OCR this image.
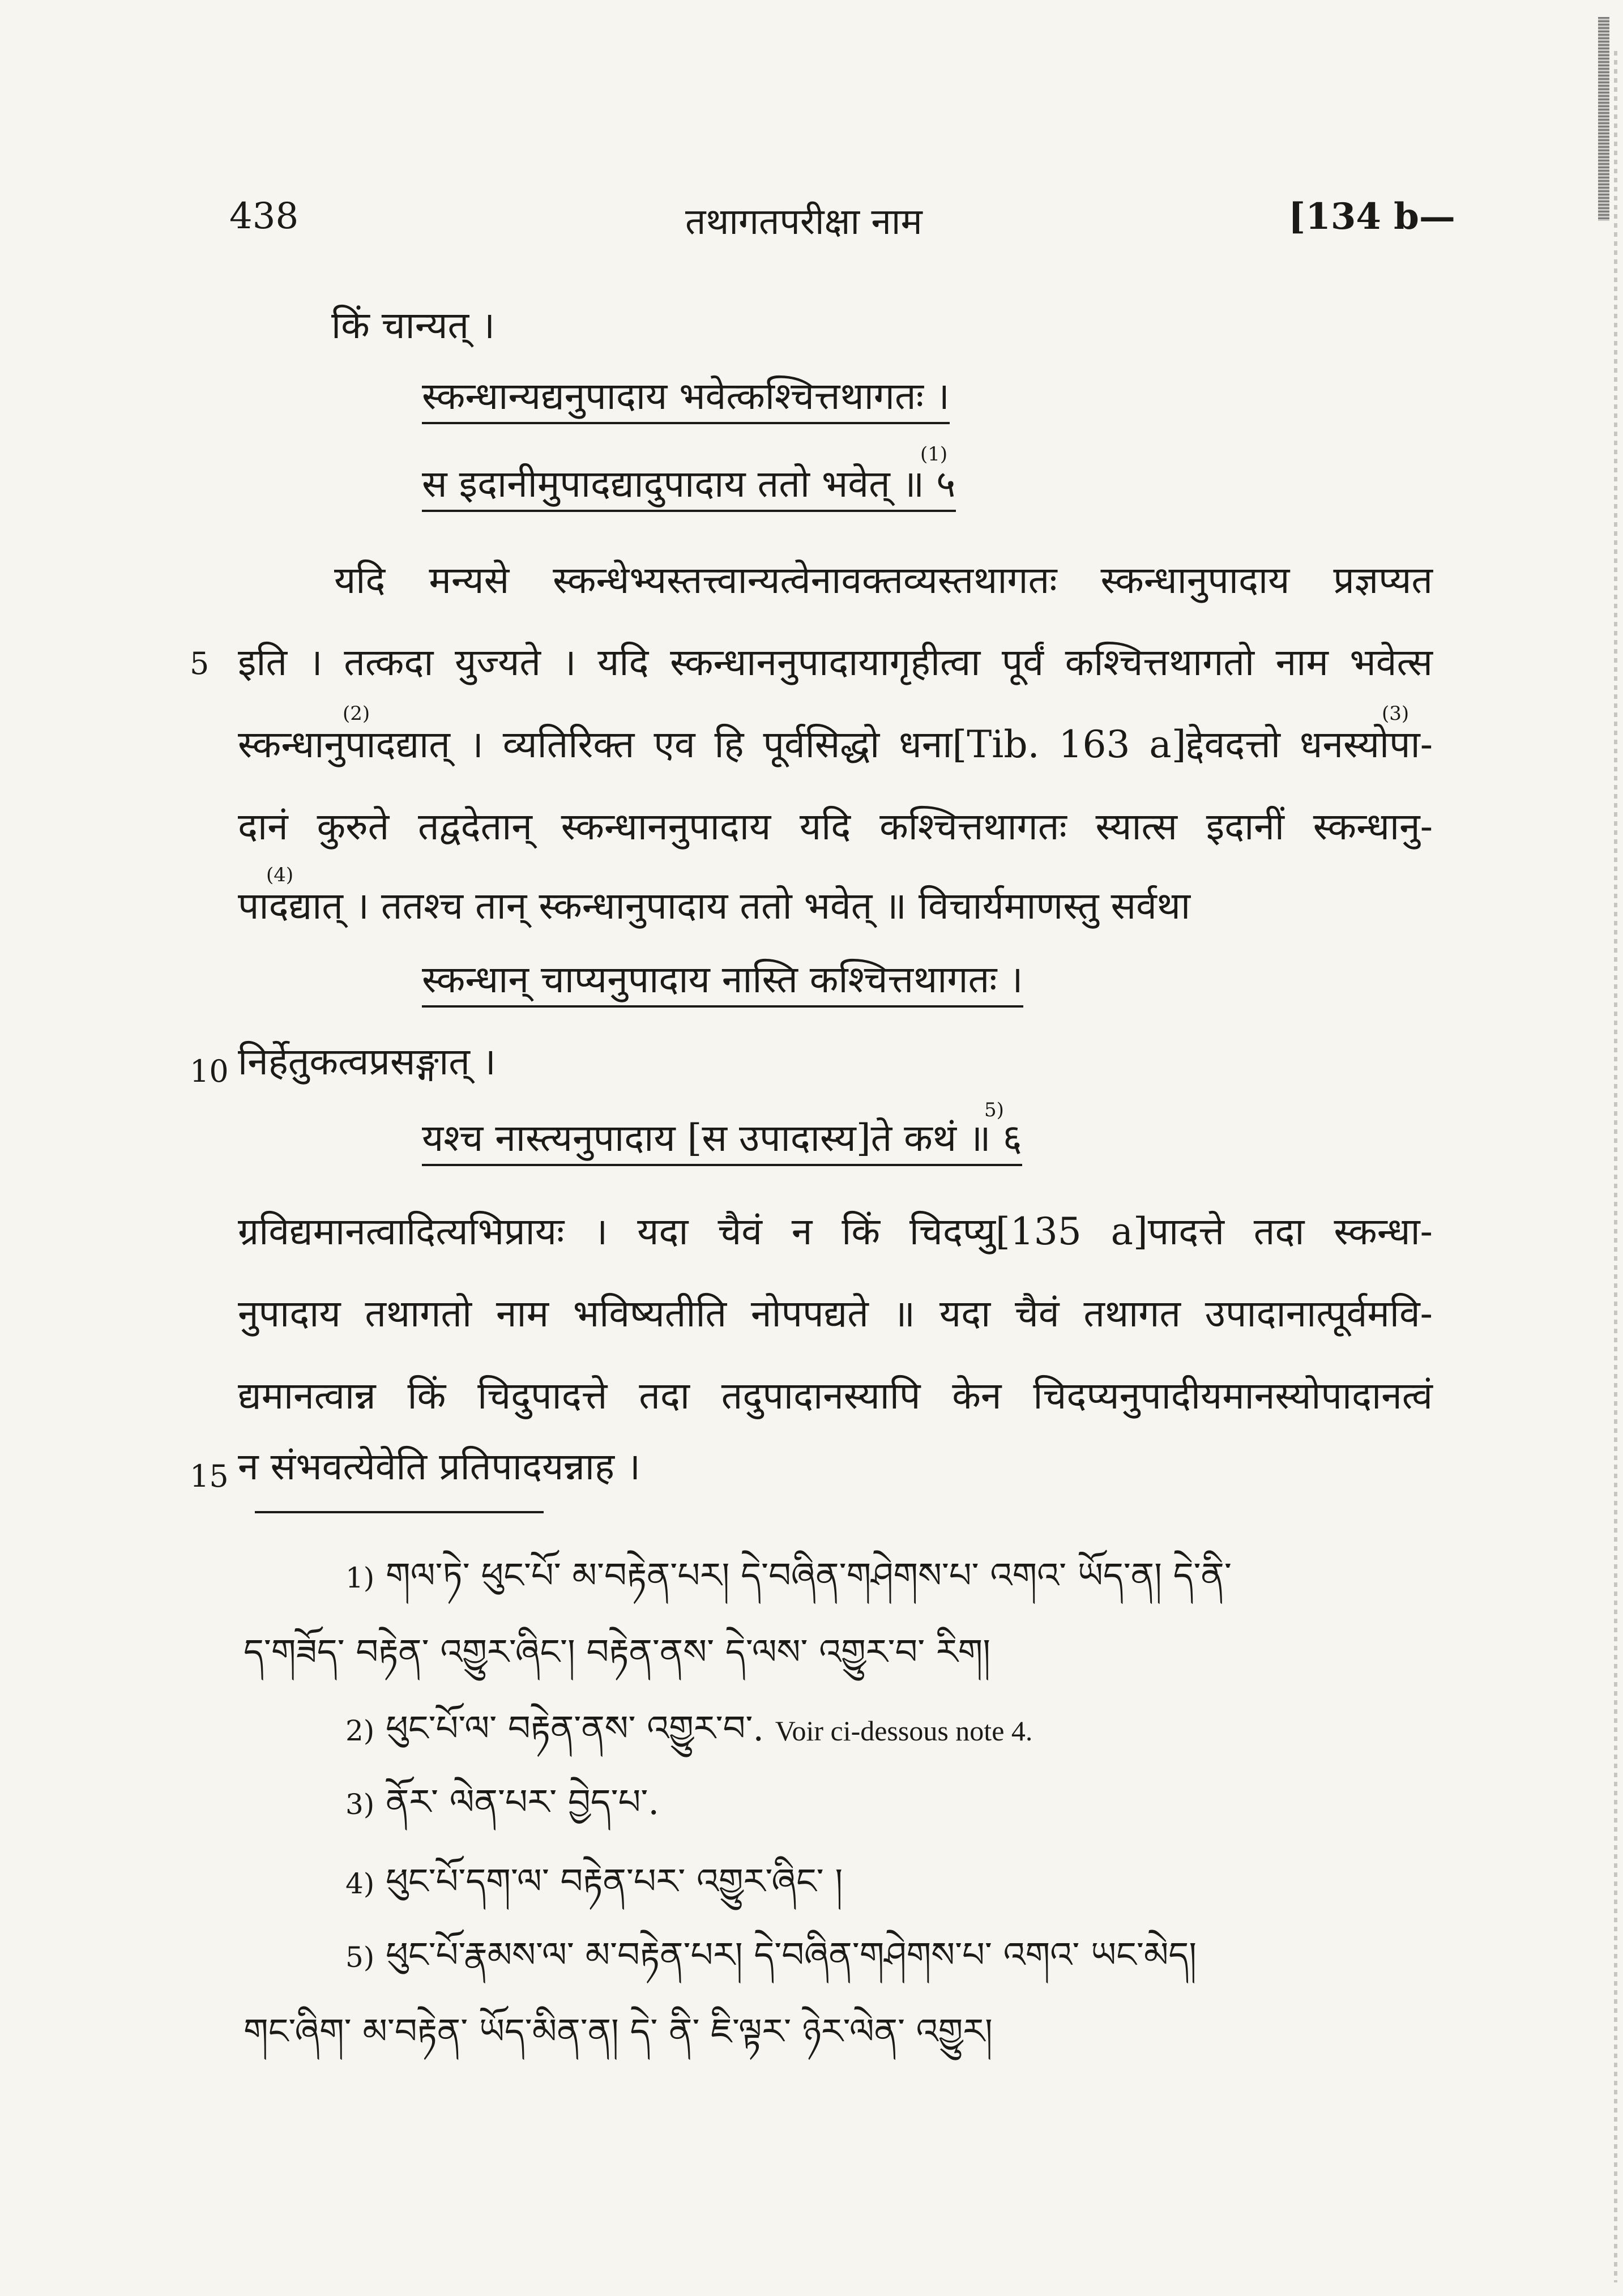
438	तथागतपरीक्षा नाम	[134 b—
किं चान्यत् ।
स्कन्धान्यद्यनुपादाय भवेत्कश्चित्तथागतः ।
स इदानीमुपादद्यादुपादाय ततो भवेत् ॥ ५
(1)
यदि मन्यसे स्कन्धेभ्यस्तत्त्वान्यत्वेनावक्तव्यस्तथागतः स्कन्धानुपादाय प्रज्ञप्यत
5 इति । तत्कदा युज्यते । यदि स्कन्धाननुपादायागृहीत्वा पूर्वं कश्चित्तथागतो नाम भवेत्स
(2)	(3)
स्कन्धानुपादद्यात् । व्यतिरिक्त एव हि पूर्वसिद्धो धना[Tib. 163 a]द्देवदत्तो धनस्योपा-
दानं कुरुते तद्वदेतान् स्कन्धाननुपादाय यदि कश्चित्तथागतः स्यात्स इदानीं स्कन्धानु-
(4)
पादद्यात् । ततश्च तान् स्कन्धानुपादाय ततो भवेत् ॥ विचार्यमाणस्तु सर्वथा
स्कन्धान् चाप्यनुपादाय नास्ति कश्चित्तथागतः ।
10 निर्हेतुकत्वप्रसङ्गात् ।
यश्च नास्त्यनुपादाय [स उपादास्य]ते कथं ॥ ६
5)
ग्रविद्यमानत्वादित्यभिप्रायः । यदा चैवं न किं चिदप्यु[135 a]पादत्ते तदा स्कन्धा-
नुपादाय तथागतो नाम भविष्यतीति नोपपद्यते ॥ यदा चैवं तथागत उपादानात्पूर्वमवि-
द्यमानत्वान्न किं चिदुपादत्ते तदा तदुपादानस्यापि केन चिदप्यनुपादीयमानस्योपादानत्वं
15 न संभवत्येवेति प्रतिपादयन्नाह ।
1) གལ་ཏེ་ ཕུང་པོ་ མ་བརྟེན་པར། དེ་བཞིན་གཤེགས་པ་ འགའ་ ཡོད་ན། དེ་ནི་
ད་གཟོད་ བརྟེན་ འགྱུར་ཞིང་། བརྟེན་ནས་ དེ་ལས་ འགྱུར་བ་ རིག།
2) ཕུང་པོ་ལ་ བརྟེན་ནས་ འགྱུར་བ་. Voir ci-dessous note 4.
3) ནོར་ ལེན་པར་ བྱེད་པ་.
4) ཕུང་པོ་དག་ལ་ བརྟེན་པར་ འགྱུར་ཞིང་ །
5) ཕུང་པོ་རྣམས་ལ་ མ་བརྟེན་པར། དེ་བཞིན་གཤེགས་པ་ འགའ་ ཡང་མེད།
གང་ཞིག་ མ་བརྟེན་ ཡོད་མིན་ན། དེ་ ནི་ ཇི་ལྟར་ ཉེར་ལེན་ འགྱུར།
